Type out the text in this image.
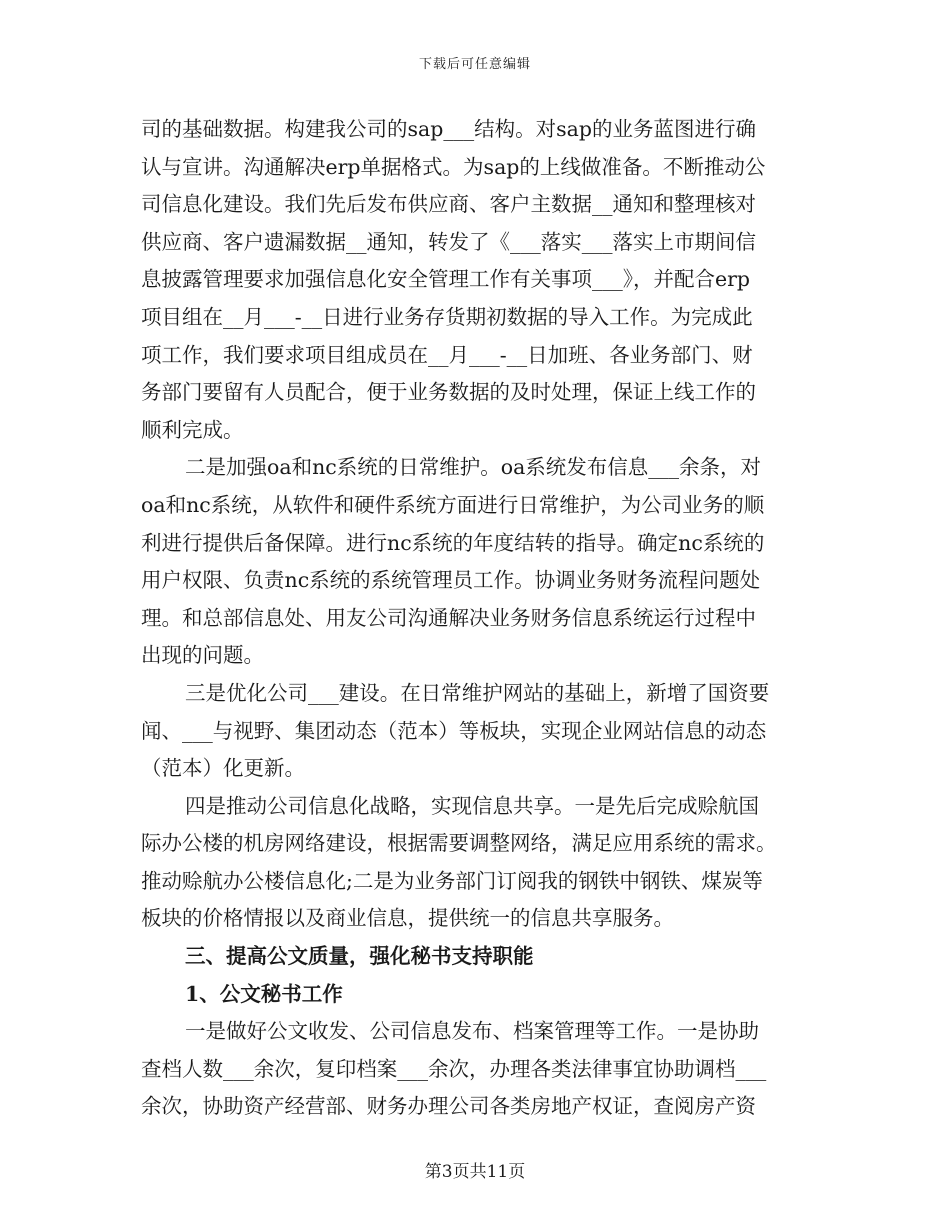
下载后可任意编辑
司的基础数据。构建我公司的sap___结构。对sap的业务蓝图进行确
认与宣讲。沟通解决erp单据格式。为sap的上线做准备。不断推动公
司信息化建设。我们先后发布供应商、客户主数据__通知和整理核对
供应商、客户遗漏数据__通知，转发了《___落实___落实上市期间信
息披露管理要求加强信息化安全管理工作有关事项___》，并配合erp
项目组在__月___-__日进行业务存货期初数据的导入工作。为完成此
项工作，我们要求项目组成员在__月___-__日加班、各业务部门、财
务部门要留有人员配合，便于业务数据的及时处理，保证上线工作的
顺利完成。
二是加强oa和nc系统的日常维护。oa系统发布信息___余条，对
oa和nc系统，从软件和硬件系统方面进行日常维护，为公司业务的顺
利进行提供后备保障。进行nc系统的年度结转的指导。确定nc系统的
用户权限、负责nc系统的系统管理员工作。协调业务财务流程问题处
理。和总部信息处、用友公司沟通解决业务财务信息系统运行过程中
出现的问题。
三是优化公司___建设。在日常维护网站的基础上，新增了国资要
闻、___与视野、集团动态（范本）等板块，实现企业网站信息的动态
（范本）化更新。
四是推动公司信息化战略，实现信息共享。一是先后完成赊航国
际办公楼的机房网络建设，根据需要调整网络，满足应用系统的需求。
推动赊航办公楼信息化;二是为业务部门订阅我的钢铁中钢铁、煤炭等
板块的价格情报以及商业信息，提供统一的信息共享服务。
三、提高公文质量，强化秘书支持职能
1、公文秘书工作
一是做好公文收发、公司信息发布、档案管理等工作。一是协助
查档人数___余次，复印档案___余次，办理各类法律事宜协助调档___
余次，协助资产经营部、财务办理公司各类房地产权证，查阅房产资
第3页共11页
